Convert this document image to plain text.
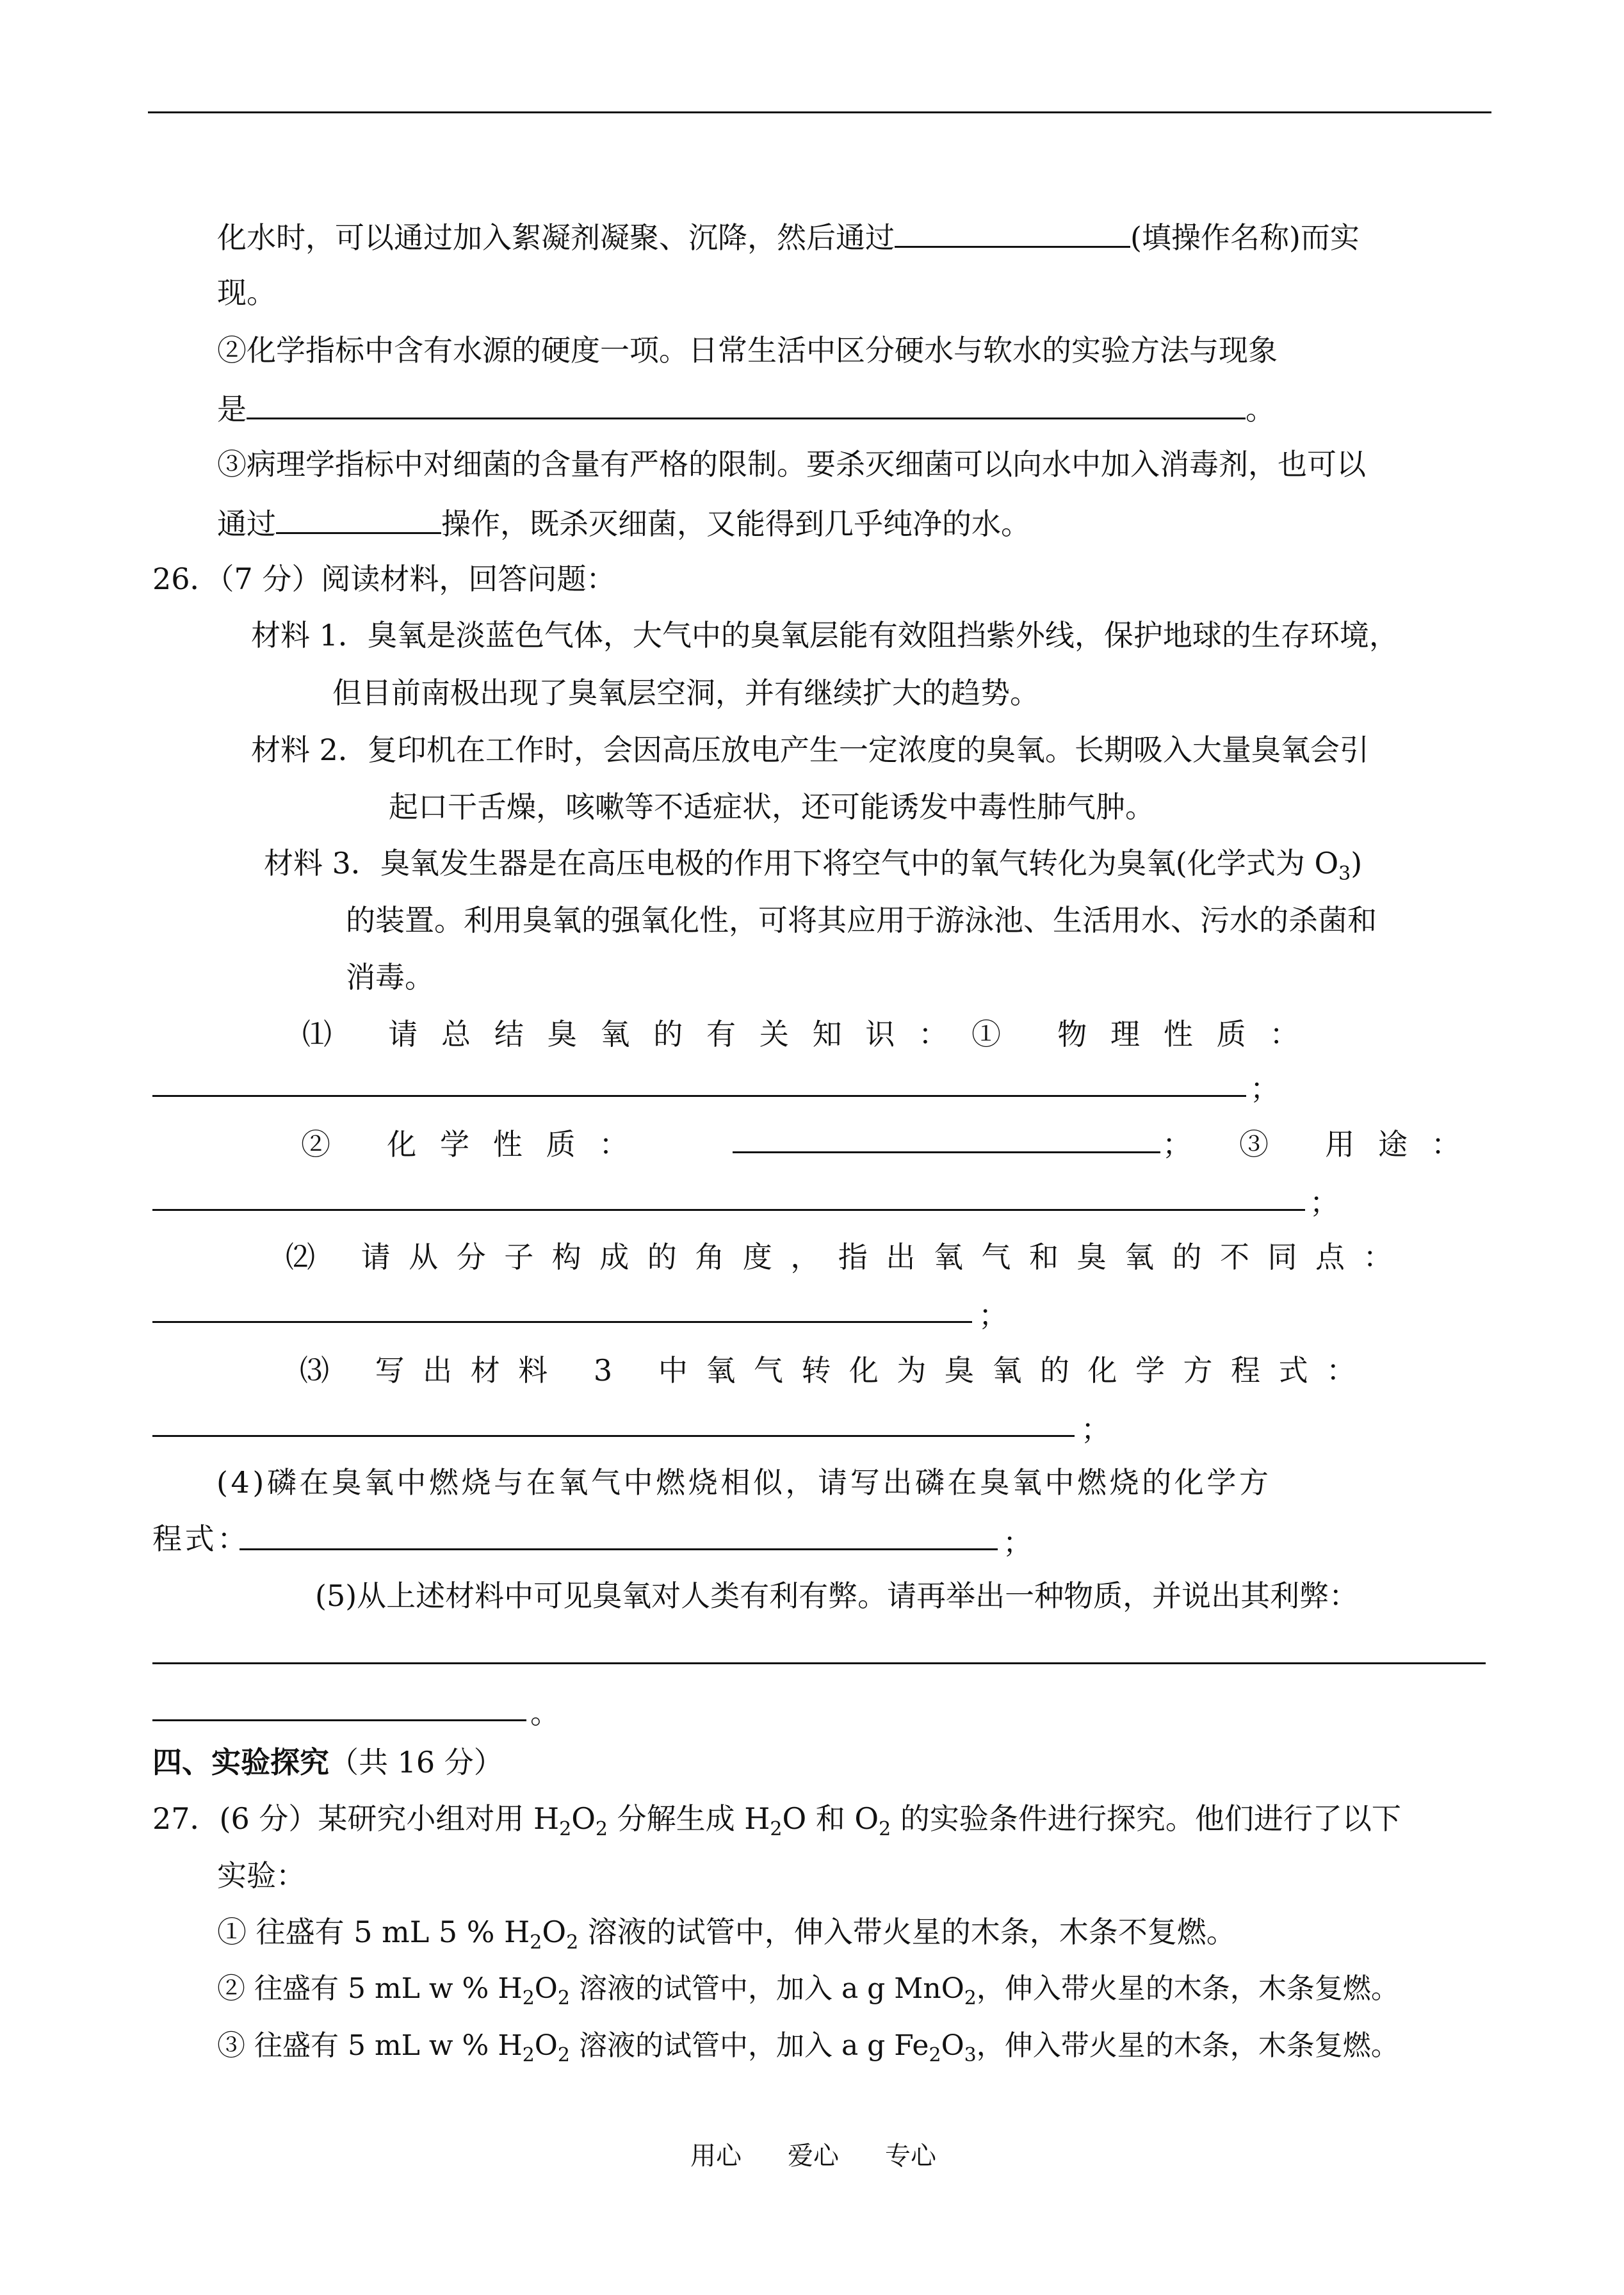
化水时，可以通过加入絮凝剂凝聚、沉降，然后通过	(填操作名称)而实
现。
②化学指标中含有水源的硬度一项。日常生活中区分硬水与软水的实验方法与现象
是	。
③病理学指标中对细菌的含量有严格的限制。要杀灭细菌可以向水中加入消毒剂，也可以
通过	操作，既杀灭细菌，又能得到几乎纯净的水。
26．（7 分）阅读材料，回答问题：
材料 1．臭氧是淡蓝色气体，大气中的臭氧层能有效阻挡紫外线，保护地球的生存环境，
但目前南极出现了臭氧层空洞，并有继续扩大的趋势。
材料 2．复印机在工作时，会因高压放电产生一定浓度的臭氧。长期吸入大量臭氧会引
起口干舌燥，咳嗽等不适症状，还可能诱发中毒性肺气肿。
材料 3．臭氧发生器是在高压电极的作用下将空气中的氧气转化为臭氧(化学式为 $O_3$)
的装置。利用臭氧的强氧化性，可将其应用于游泳池、生活用水、污水的杀菌和
消毒。
⑴ 请总结臭氧的有关知识：① 物理性质：
；
② 化学性质：	； ③ 用途：
；
⑵ 请从分子构成的角度，指出氧气和臭氧的不同点：
；
⑶ 写出材料 3 中氧气转化为臭氧的化学方程式：
；
(4)磷在臭氧中燃烧与在氧气中燃烧相似，请写出磷在臭氧中燃烧的化学方
程式：	；
(5)从上述材料中可见臭氧对人类有利有弊。请再举出一种物质，并说出其利弊：
。
四、实验探究（共 16 分）
27．(6 分）某研究小组对用 $H_2O_2$ 分解生成 $H_2O$ 和 $O_2$ 的实验条件进行探究。他们进行了以下
实验：
① 往盛有 5 mL 5 % $H_2O_2$ 溶液的试管中，伸入带火星的木条，木条不复燃。
② 往盛有 5 mL w % $H_2O_2$ 溶液的试管中，加入 a g MnO$_2$，伸入带火星的木条，木条复燃。
③ 往盛有 5 mL w % $H_2O_2$ 溶液的试管中，加入 a g $Fe_2O_3$，伸入带火星的木条，木条复燃。
用心 爱心 专心
